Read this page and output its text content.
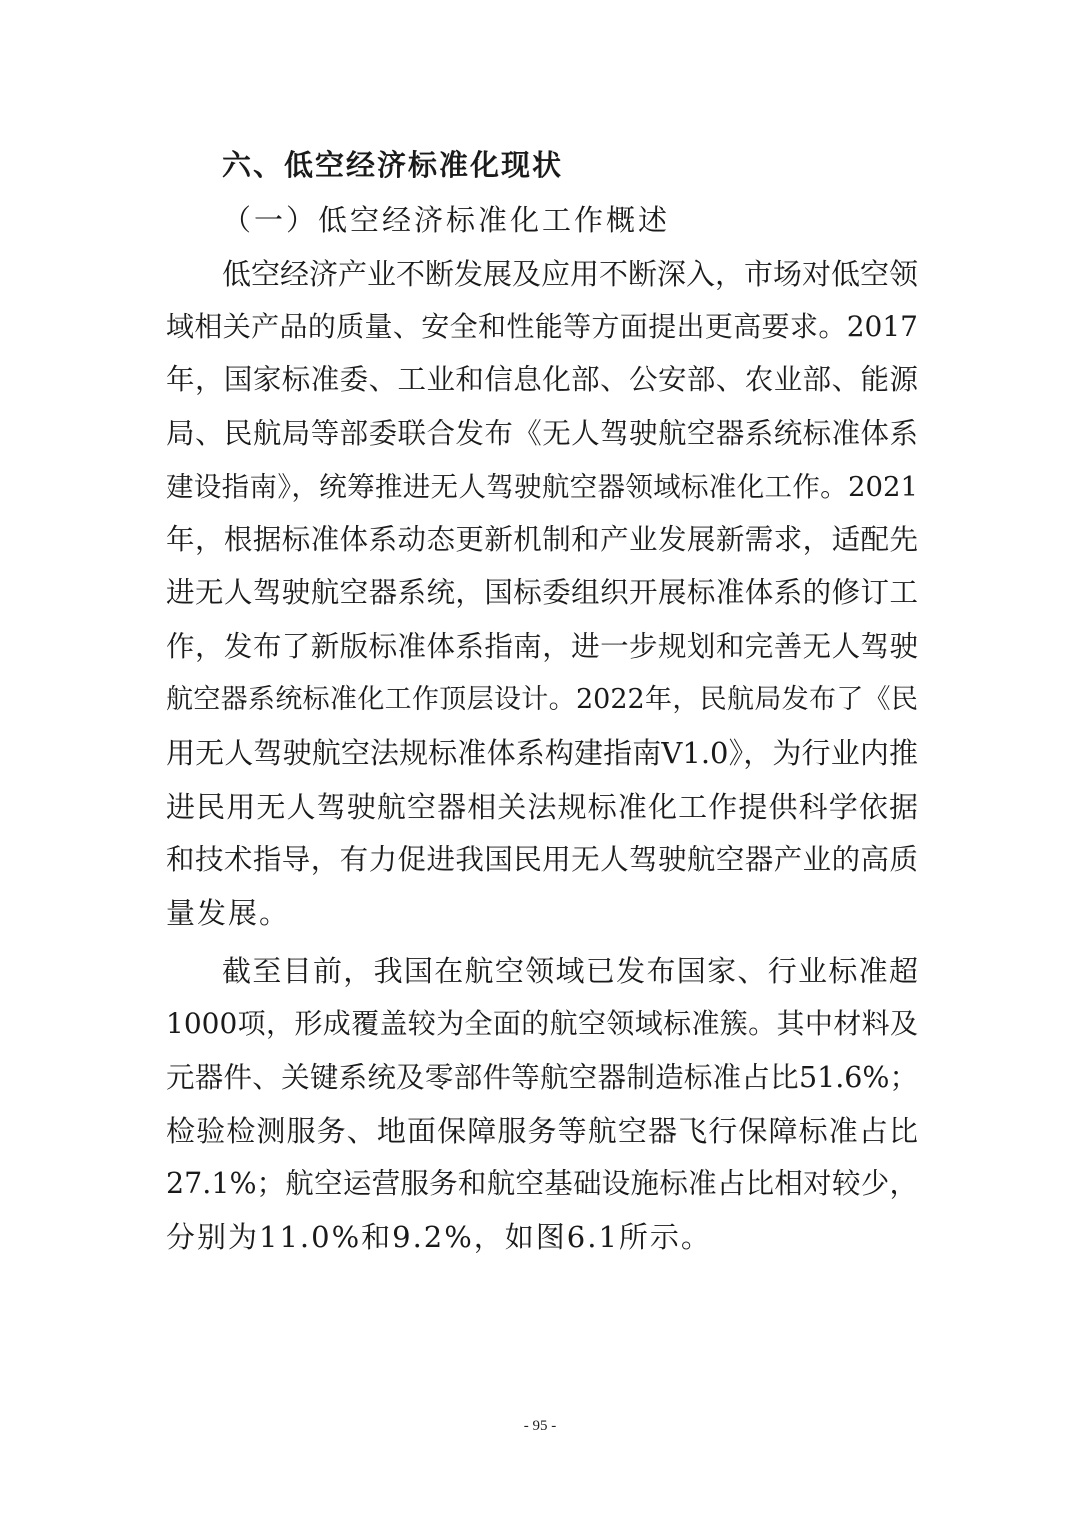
六、低空经济标准化现状
（一）低空经济标准化工作概述
低空经济产业不断发展及应用不断深入，市场对低空领
域相关产品的质量、安全和性能等方面提出更高要求。2017
年，国家标准委、工业和信息化部、公安部、农业部、能源
局、民航局等部委联合发布《无人驾驶航空器系统标准体系
建设指南》，统筹推进无人驾驶航空器领域标准化工作。2021
年，根据标准体系动态更新机制和产业发展新需求，适配先
进无人驾驶航空器系统，国标委组织开展标准体系的修订工
作，发布了新版标准体系指南，进一步规划和完善无人驾驶
航空器系统标准化工作顶层设计。2022年，民航局发布了《民
用无人驾驶航空法规标准体系构建指南V1.0》，为行业内推
进民用无人驾驶航空器相关法规标准化工作提供科学依据
和技术指导，有力促进我国民用无人驾驶航空器产业的高质
量发展。
截至目前，我国在航空领域已发布国家、行业标准超
1000项，形成覆盖较为全面的航空领域标准簇。其中材料及
元器件、关键系统及零部件等航空器制造标准占比51.6%；
检验检测服务、地面保障服务等航空器飞行保障标准占比
27.1%；航空运营服务和航空基础设施标准占比相对较少，
分别为11.0%和9.2%，如图6.1所示。
- 95 -
